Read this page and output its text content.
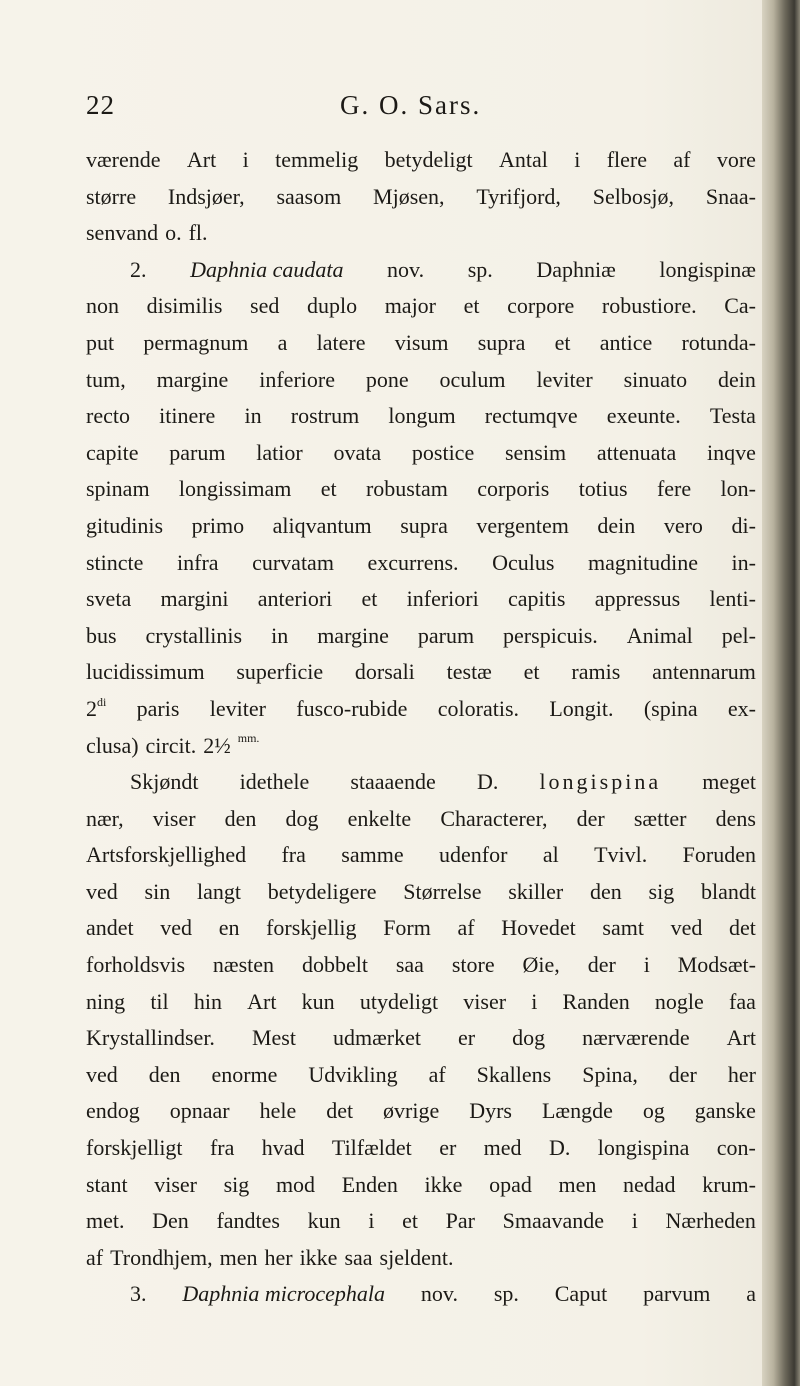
22	G. O. Sars.
værende Art i temmelig betydeligt Antal i flere af vore
større Indsjøer, saasom Mjøsen, Tyrifjord, Selbosjø, Snaa-
senvand o. fl.
2. Daphnia caudata nov. sp. Daphniæ longispinæ
non disimilis sed duplo major et corpore robustiore. Ca-
put permagnum a latere visum supra et antice rotunda-
tum, margine inferiore pone oculum leviter sinuato dein
recto itinere in rostrum longum rectumqve exeunte. Testa
capite parum latior ovata postice sensim attenuata inqve
spinam longissimam et robustam corporis totius fere lon-
gitudinis primo aliqvantum supra vergentem dein vero di-
stincte infra curvatam excurrens. Oculus magnitudine in-
sveta margini anteriori et inferiori capitis appressus lenti-
bus crystallinis in margine parum perspicuis. Animal pel-
lucidissimum superficie dorsali testæ et ramis antennarum
$2^{di}$ paris leviter fusco-rubide coloratis. Longit. (spina ex-
clusa) circit. 2½ $^{mm.}$
Skjøndt idethele staaaende D. longispina meget
nær, viser den dog enkelte Characterer, der sætter dens
Artsforskjellighed fra samme udenfor al Tvivl. Foruden
ved sin langt betydeligere Størrelse skiller den sig blandt
andet ved en forskjellig Form af Hovedet samt ved det
forholdsvis næsten dobbelt saa store Øie, der i Modsæt-
ning til hin Art kun utydeligt viser i Randen nogle faa
Krystallindser. Mest udmærket er dog nærværende Art
ved den enorme Udvikling af Skallens Spina, der her
endog opnaar hele det øvrige Dyrs Længde og ganske
forskjelligt fra hvad Tilfældet er med D. longispina con-
stant viser sig mod Enden ikke opad men nedad krum-
met. Den fandtes kun i et Par Smaavande i Nærheden
af Trondhjem, men her ikke saa sjeldent.
3. Daphnia microcephala nov. sp. Caput parvum a
